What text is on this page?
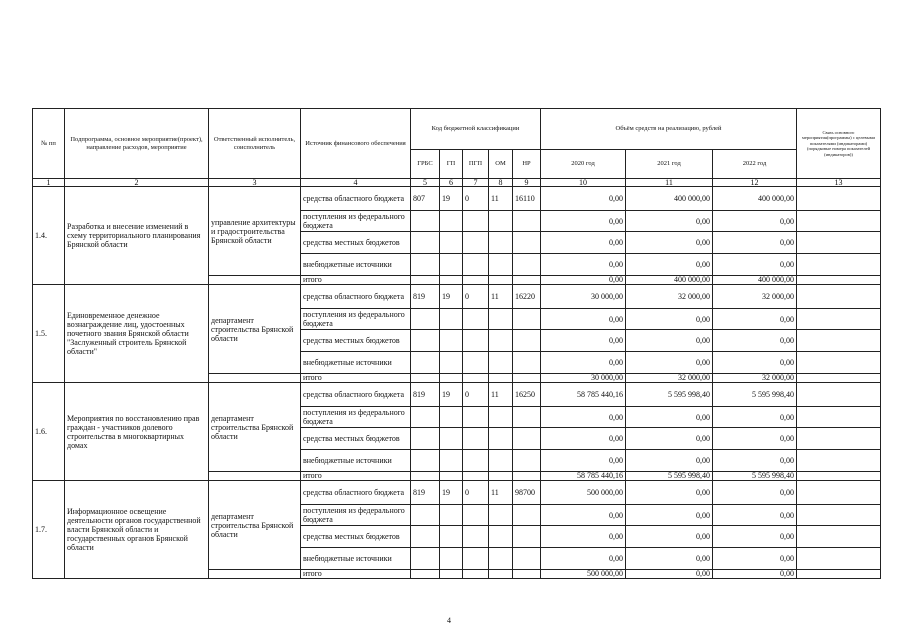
№ пп	Подпрограмма, основное мероприятие(проект), направление расходов, мероприятие	Ответственный исполнитель, соисполнитель	Источник финансового обеспечения	Код бюджетной классификации					Объём средств на реализацию, рублей			Связь основного мероприятия(программы) с целевыми показателями (индикаторами) (порядковые номера показателей (индикаторов))
				ГРБС	ГП	ПГП	ОМ	НР	2020 год	2021 год	2022 год	
1	2	3	4	5	6	7	8	9	10	11	12	13
1.4.	Разработка и внесение изменений в схему территориального планирования Брянской области	управление архитектуры и градостроительства Брянской области	средства областного бюджета	807	19	0	11	16110	0,00	400 000,00	400 000,00	
			поступления из федерального бюджета						0,00	0,00	0,00	
			средства местных бюджетов						0,00	0,00	0,00	
			внебюджетные источники						0,00	0,00	0,00	
			итого						0,00	400 000,00	400 000,00	
1.5.	Единовременное денежное вознаграждение лиц, удостоенных почетного звания Брянской области "Заслуженный строитель Брянской области"	департамент строительства Брянской области	средства областного бюджета	819	19	0	11	16220	30 000,00	32 000,00	32 000,00	
			поступления из федерального бюджета						0,00	0,00	0,00	
			средства местных бюджетов						0,00	0,00	0,00	
			внебюджетные источники						0,00	0,00	0,00	
			итого						30 000,00	32 000,00	32 000,00	
1.6.	Мероприятия по восстановлению прав граждан - участников долевого строительства в многоквартирных домах	департамент строительства Брянской области	средства областного бюджета	819	19	0	11	16250	58 785 440,16	5 595 998,40	5 595 998,40	
			поступления из федерального бюджета						0,00	0,00	0,00	
			средства местных бюджетов						0,00	0,00	0,00	
			внебюджетные источники						0,00	0,00	0,00	
			итого						58 785 440,16	5 595 998,40	5 595 998,40	
1.7.	Информационное освещение деятельности органов государственной власти Брянской области и государственных органов Брянской области	департамент строительства Брянской области	средства областного бюджета	819	19	0	11	98700	500 000,00	0,00	0,00	
			поступления из федерального бюджета						0,00	0,00	0,00	
			средства местных бюджетов						0,00	0,00	0,00	
			внебюджетные источники						0,00	0,00	0,00	
			итого						500 000,00	0,00	0,00	
4
